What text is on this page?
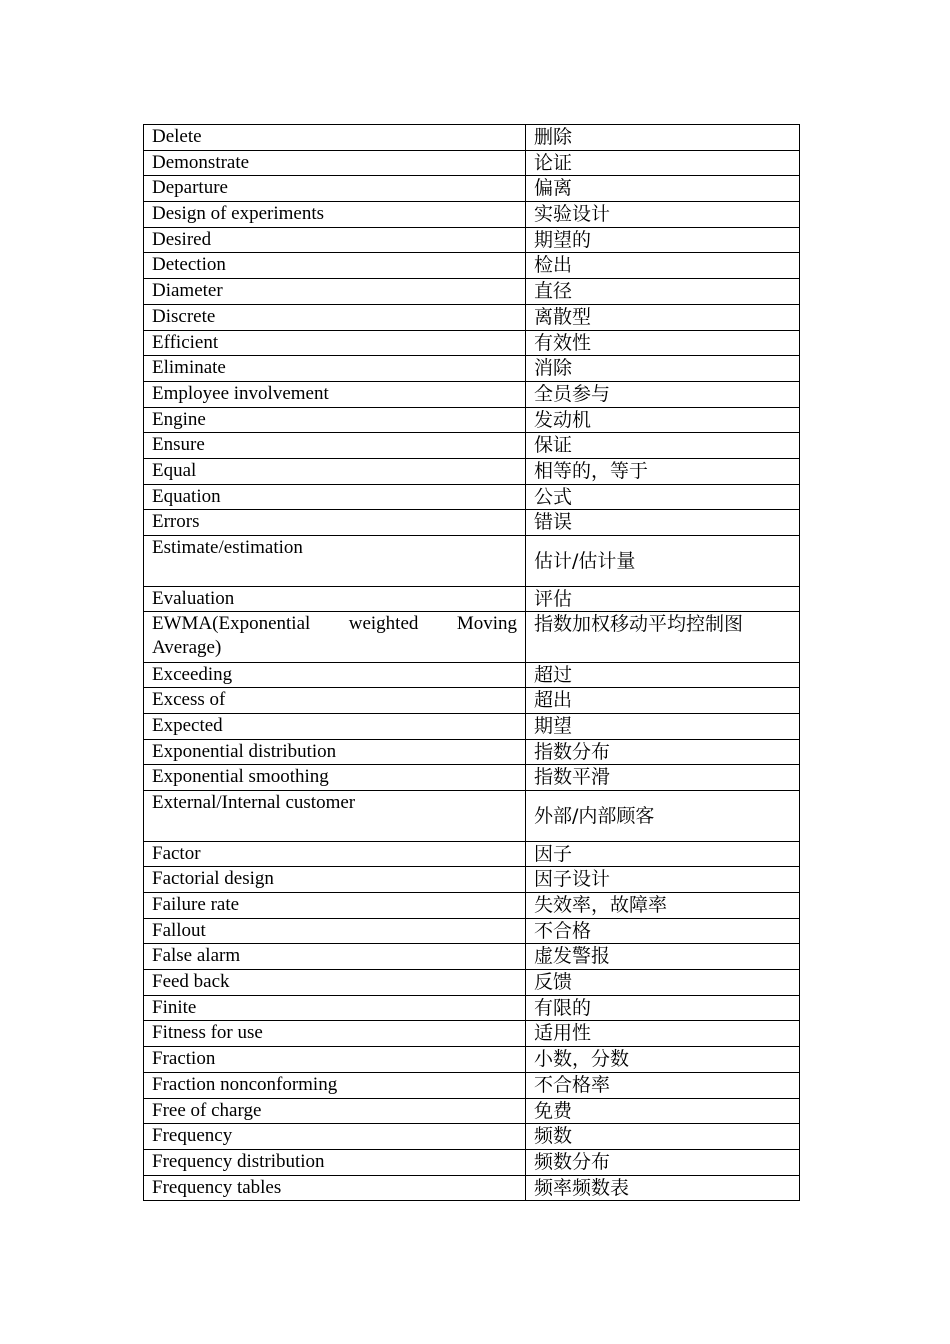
Delete	删除
Demonstrate	论证
Departure	偏离
Design of experiments	实验设计
Desired	期望的
Detection	检出
Diameter	直径
Discrete	离散型
Efficient	有效性
Eliminate	消除
Employee involvement	全员参与
Engine	发动机
Ensure	保证
Equal	相等的，等于
Equation	公式
Errors	错误
Estimate/estimation	估计/估计量
Evaluation	评估
EWMA(Exponential weighted Moving Average)	指数加权移动平均控制图
Exceeding	超过
Excess of	超出
Expected	期望
Exponential distribution	指数分布
Exponential smoothing	指数平滑
External/Internal customer	外部/内部顾客
Factor	因子
Factorial design	因子设计
Failure rate	失效率，故障率
Fallout	不合格
False alarm	虚发警报
Feed back	反馈
Finite	有限的
Fitness for use	适用性
Fraction	小数，分数
Fraction nonconforming	不合格率
Free of charge	免费
Frequency	频数
Frequency distribution	频数分布
Frequency tables	频率频数表
